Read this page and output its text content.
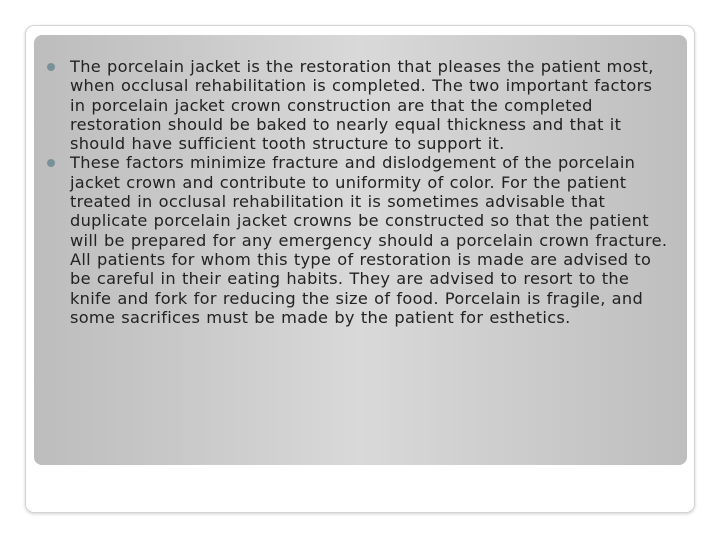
The porcelain jacket is the restoration that pleases the patient most, when occlusal rehabilitation is completed. The two important factors in porcelain jacket crown construction are that the completed restoration should be baked to nearly equal thickness and that it should have sufficient tooth structure to support it.
These factors minimize fracture and dislodgement of the porcelain jacket crown and contribute to uniformity of color. For the patient treated in occlusal rehabilitation it is sometimes advisable that duplicate porcelain jacket crowns be constructed so that the patient will be prepared for any emergency should a porcelain crown fracture. All patients for whom this type of restoration is made are advised to be careful in their eating habits. They are advised to resort to the knife and fork for reducing the size of food. Porcelain is fragile, and some sacrifices must be made by the patient for esthetics.
